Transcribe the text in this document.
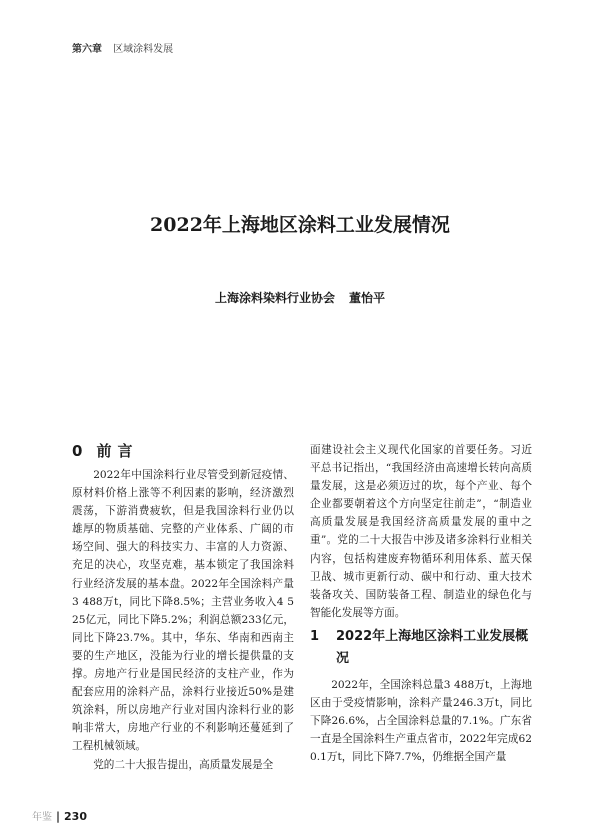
第六章 区域涂料发展
2022年上海地区涂料工业发展情况
上海涂料染料行业协会 董怡平
0 前言

2022年中国涂料行业尽管受到新冠疫情、原材料价格上涨等不利因素的影响，经济激烈震荡，下游消费疲软，但是我国涂料行业仍以雄厚的物质基础、完整的产业体系、广阔的市场空间、强大的科技实力、丰富的人力资源、充足的决心，攻坚克难，基本锁定了我国涂料行业经济发展的基本盘。2022年全国涂料产量3 488万t，同比下降8.5%；主营业务收入4 525亿元，同比下降5.2%；利润总额233亿元，同比下降23.7%。其中，华东、华南和西南主要的生产地区，没能为行业的增长提供量的支撑。房地产行业是国民经济的支柱产业，作为配套应用的涂料产品，涂料行业接近50%是建筑涂料，所以房地产行业对国内涂料行业的影响非常大，房地产行业的不利影响还蔓延到了工程机械领域。

党的二十大报告提出，高质量发展是全

面建设社会主义现代化国家的首要任务。习近平总书记指出，“我国经济由高速增长转向高质量发展，这是必须迈过的坎，每个产业、每个企业都要朝着这个方向坚定往前走”，“制造业高质量发展是我国经济高质量发展的重中之重”。党的二十大报告中涉及诸多涂料行业相关内容，包括构建废弃物循环利用体系、蓝天保卫战、城市更新行动、碳中和行动、重大技术装备攻关、国防装备工程、制造业的绿色化与智能化发展等方面。

1	2022年上海地区涂料工业发展概况

2022年，全国涂料总量3 488万t，上海地区由于受疫情影响，涂料产量246.3万t，同比下降26.6%，占全国涂料总量的7.1%。广东省一直是全国涂料生产重点省市，2022年完成620.1万t，同比下降7.7%，仍维据全国产量

年鉴 | 230
